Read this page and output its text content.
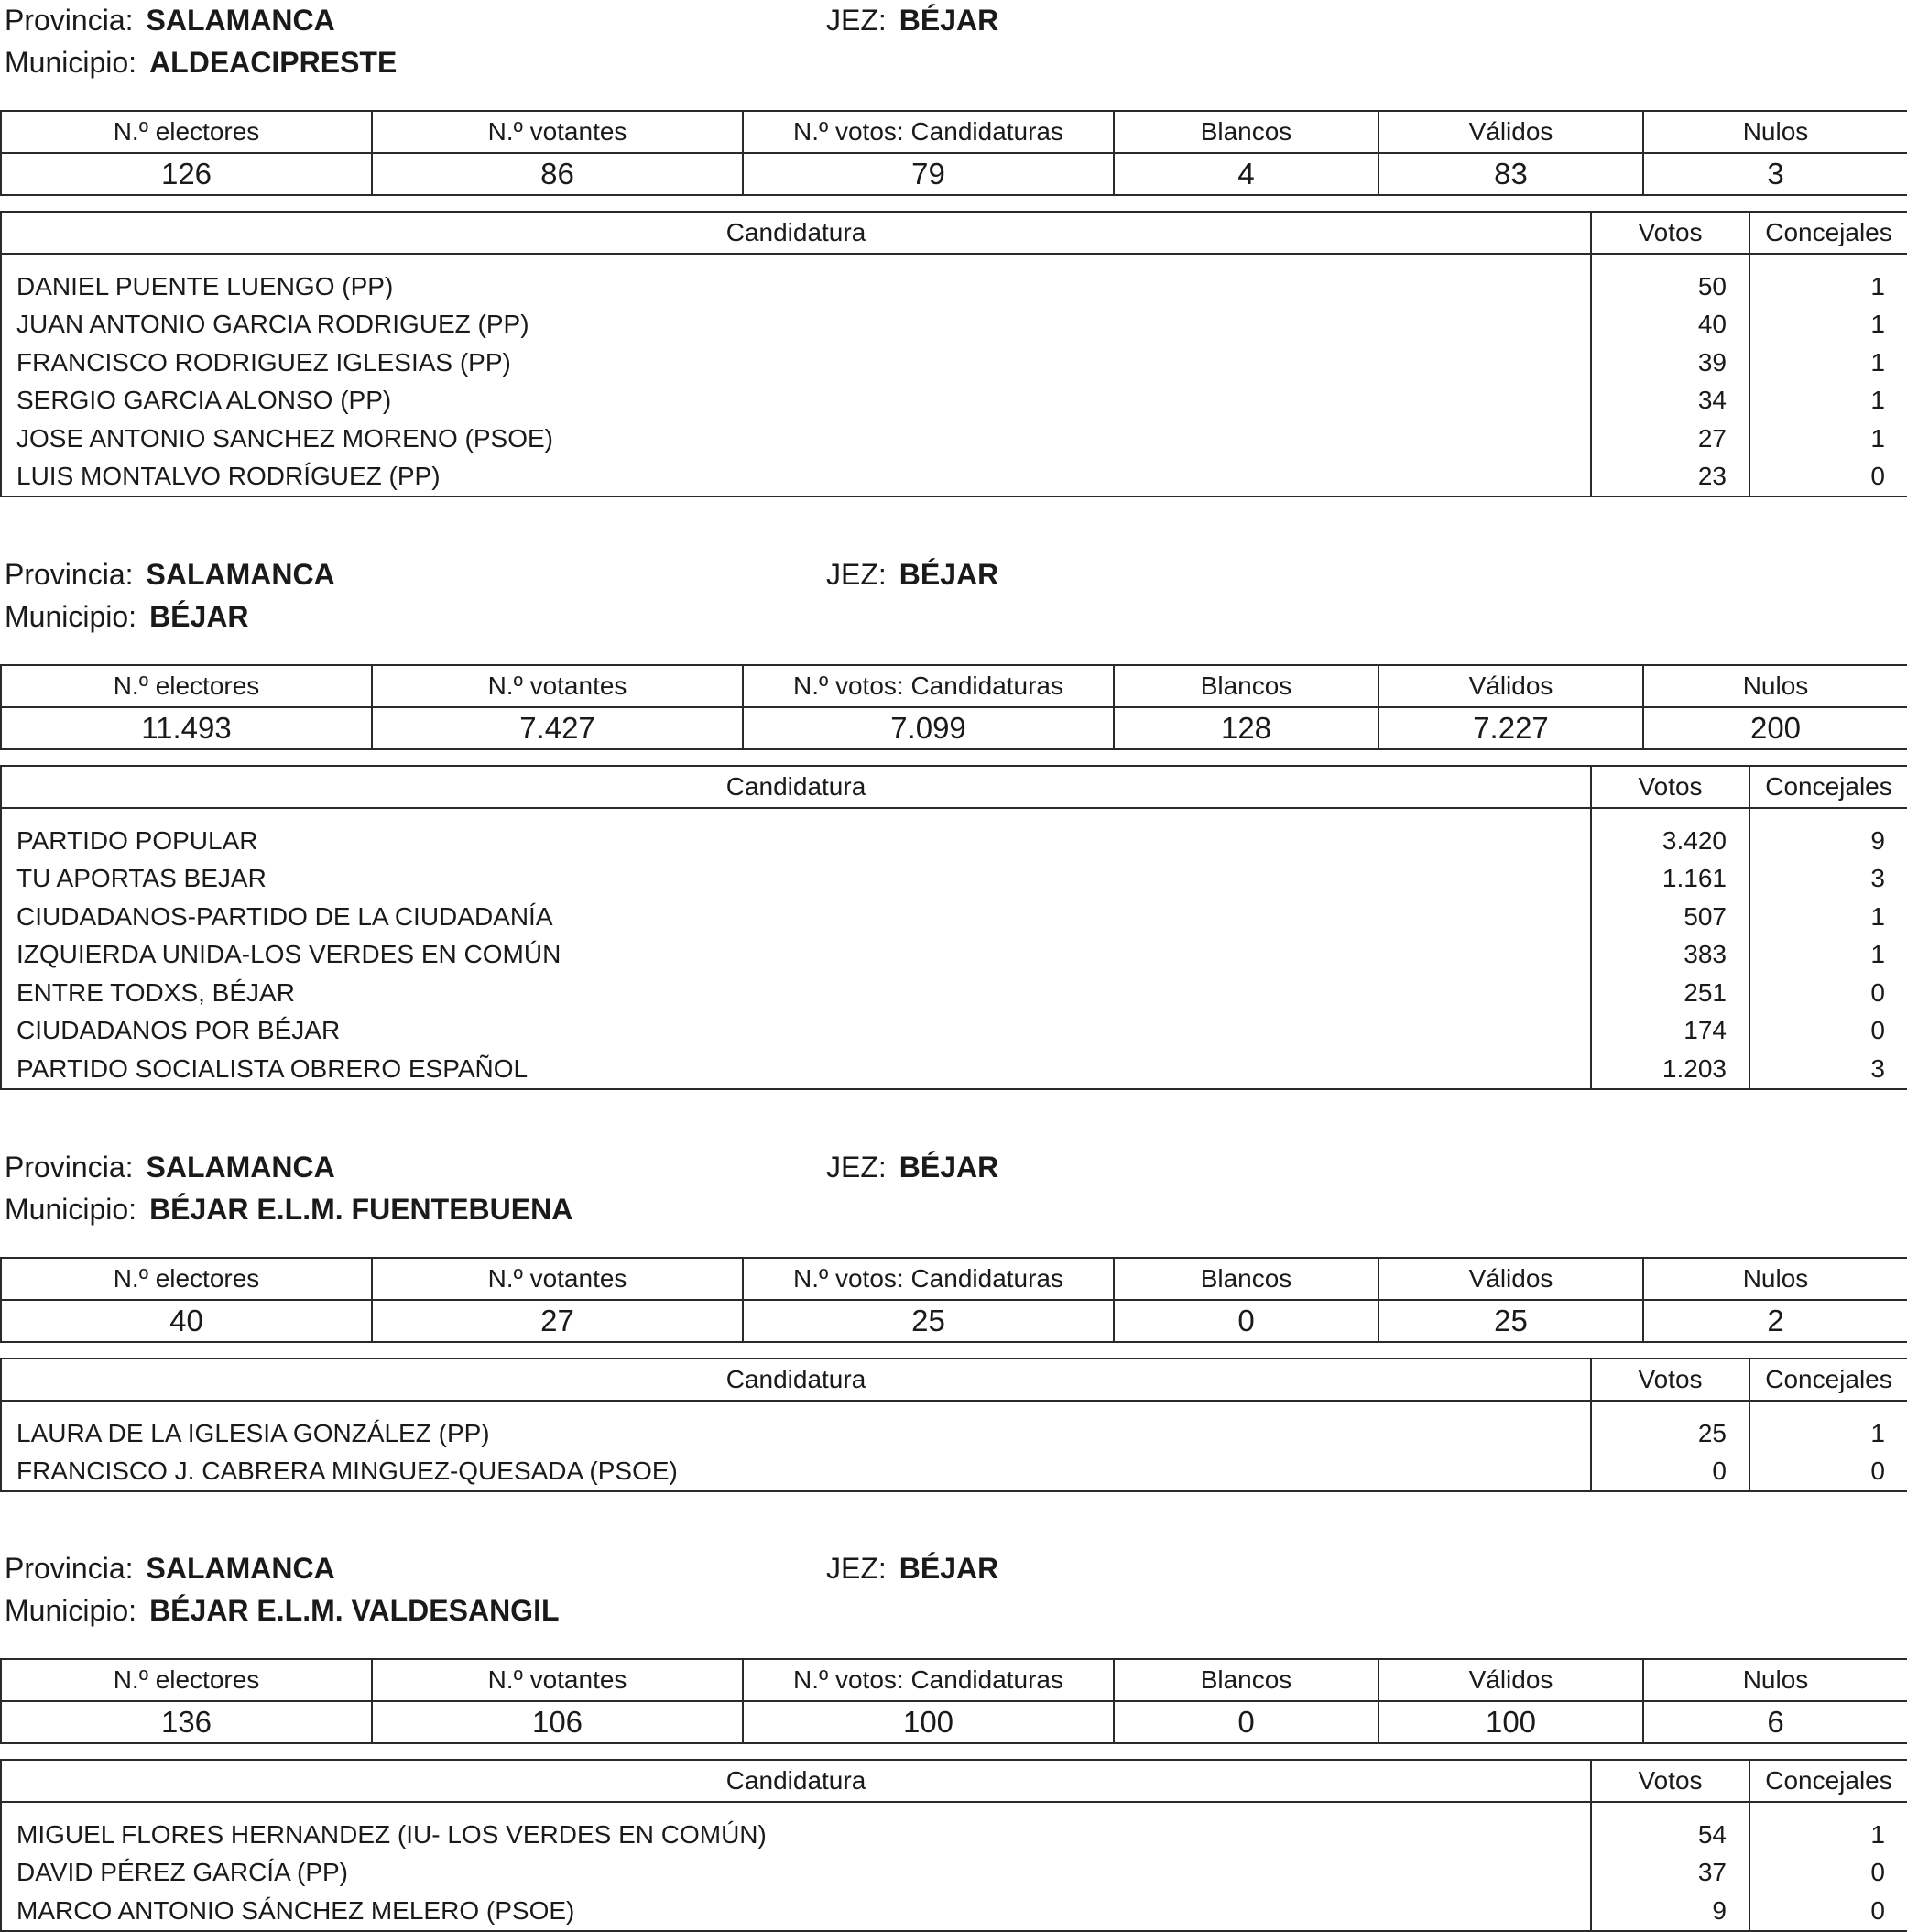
Provincia: SALAMANCA	JEZ: BÉJAR
Municipio: ALDEACIPRESTE
N.º electores	N.º votantes	N.º votos: Candidaturas	Blancos	Válidos	Nulos
126	86	79	4	83	3
Candidatura	Votos	Concejales
DANIEL PUENTE LUENGO (PP)	50	1
JUAN ANTONIO GARCIA RODRIGUEZ (PP)	40	1
FRANCISCO RODRIGUEZ IGLESIAS (PP)	39	1
SERGIO GARCIA ALONSO (PP)	34	1
JOSE ANTONIO SANCHEZ MORENO (PSOE)	27	1
LUIS MONTALVO RODRÍGUEZ (PP)	23	0
Provincia: SALAMANCA	JEZ: BÉJAR
Municipio: BÉJAR
N.º electores	N.º votantes	N.º votos: Candidaturas	Blancos	Válidos	Nulos
11.493	7.427	7.099	128	7.227	200
Candidatura	Votos	Concejales
PARTIDO POPULAR	3.420	9
TU APORTAS BEJAR	1.161	3
CIUDADANOS-PARTIDO DE LA CIUDADANÍA	507	1
IZQUIERDA UNIDA-LOS VERDES EN COMÚN	383	1
ENTRE TODXS, BÉJAR	251	0
CIUDADANOS POR BÉJAR	174	0
PARTIDO SOCIALISTA OBRERO ESPAÑOL	1.203	3
Provincia: SALAMANCA	JEZ: BÉJAR
Municipio: BÉJAR E.L.M. FUENTEBUENA
N.º electores	N.º votantes	N.º votos: Candidaturas	Blancos	Válidos	Nulos
40	27	25	0	25	2
Candidatura	Votos	Concejales
LAURA DE LA IGLESIA GONZÁLEZ (PP)	25	1
FRANCISCO J. CABRERA MINGUEZ-QUESADA (PSOE)	0	0
Provincia: SALAMANCA	JEZ: BÉJAR
Municipio: BÉJAR E.L.M. VALDESANGIL
N.º electores	N.º votantes	N.º votos: Candidaturas	Blancos	Válidos	Nulos
136	106	100	0	100	6
Candidatura	Votos	Concejales
MIGUEL FLORES HERNANDEZ (IU- LOS VERDES EN COMÚN)	54	1
DAVID PÉREZ GARCÍA (PP)	37	0
MARCO ANTONIO SÁNCHEZ MELERO (PSOE)	9	0
